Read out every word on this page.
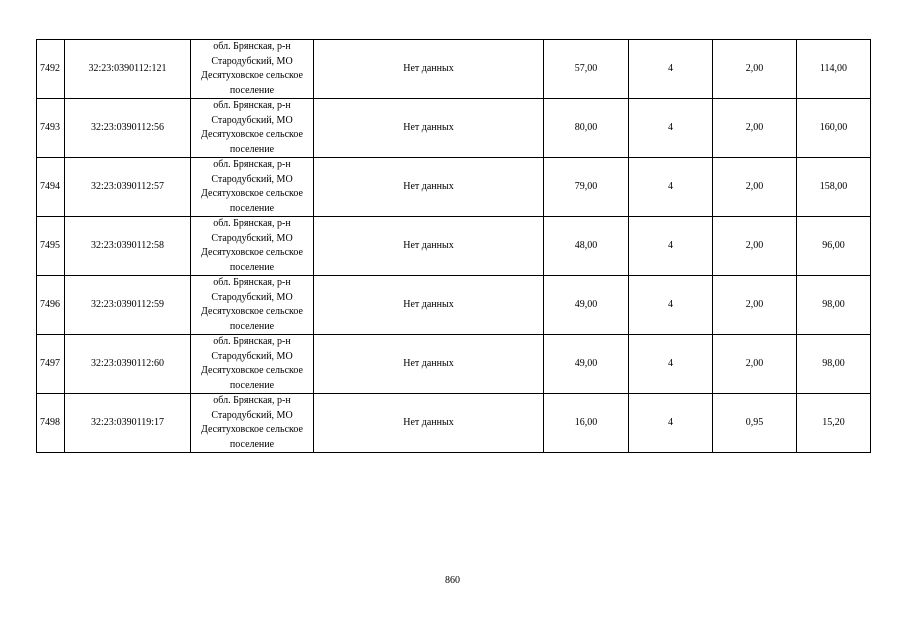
7492	32:23:0390112:121	обл. Брянская, р-н Стародубский, МО Десятуховское сельское поселение	Нет данных	57,00	4	2,00	114,00
7493	32:23:0390112:56	обл. Брянская, р-н Стародубский, МО Десятуховское сельское поселение	Нет данных	80,00	4	2,00	160,00
7494	32:23:0390112:57	обл. Брянская, р-н Стародубский, МО Десятуховское сельское поселение	Нет данных	79,00	4	2,00	158,00
7495	32:23:0390112:58	обл. Брянская, р-н Стародубский, МО Десятуховское сельское поселение	Нет данных	48,00	4	2,00	96,00
7496	32:23:0390112:59	обл. Брянская, р-н Стародубский, МО Десятуховское сельское поселение	Нет данных	49,00	4	2,00	98,00
7497	32:23:0390112:60	обл. Брянская, р-н Стародубский, МО Десятуховское сельское поселение	Нет данных	49,00	4	2,00	98,00
7498	32:23:0390119:17	обл. Брянская, р-н Стародубский, МО Десятуховское сельское поселение	Нет данных	16,00	4	0,95	15,20
860
